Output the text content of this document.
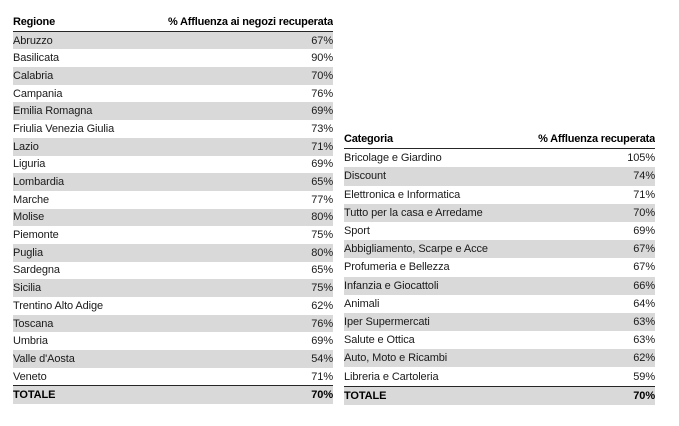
Regione	% Affluenza ai negozi recuperata
Abruzzo	67%
Basilicata	90%
Calabria	70%
Campania	76%
Emilia Romagna	69%
Friulia Venezia Giulia	73%
Lazio	71%
Liguria	69%
Lombardia	65%
Marche	77%
Molise	80%
Piemonte	75%
Puglia	80%
Sardegna	65%
Sicilia	75%
Trentino Alto Adige	62%
Toscana	76%
Umbria	69%
Valle d'Aosta	54%
Veneto	71%
TOTALE	70%
Categoria	% Affluenza recuperata
Bricolage e Giardino	105%
Discount	74%
Elettronica e Informatica	71%
Tutto per la casa e Arredame	70%
Sport	69%
Abbigliamento, Scarpe e Acce	67%
Profumeria e Bellezza	67%
Infanzia e Giocattoli	66%
Animali	64%
Iper Supermercati	63%
Salute e Ottica	63%
Auto, Moto e Ricambi	62%
Libreria e Cartoleria	59%
TOTALE	70%
